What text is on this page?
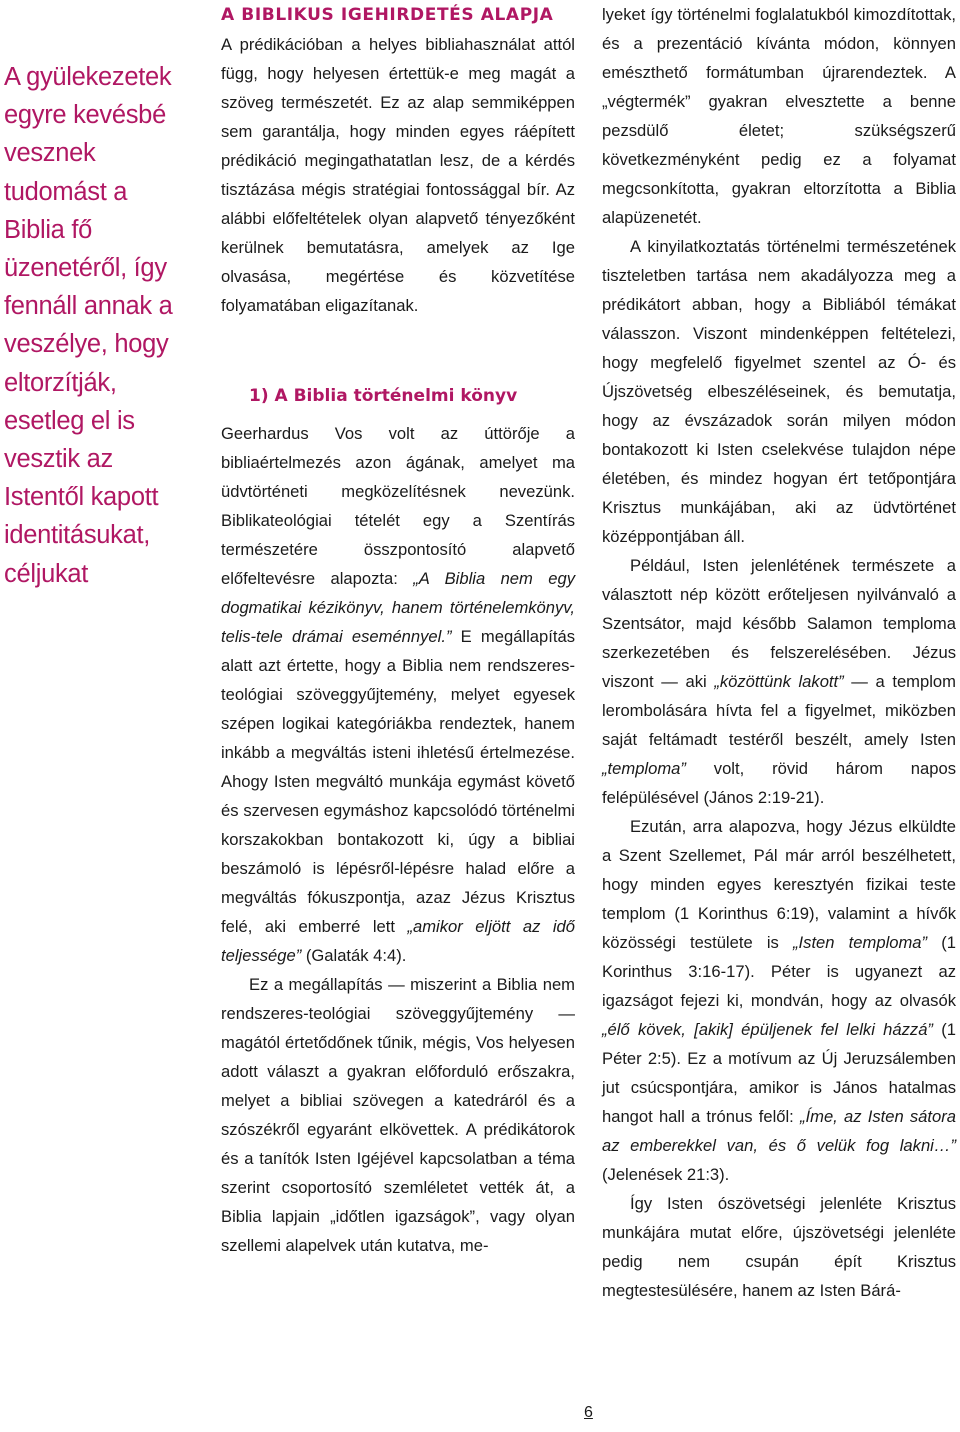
A gyülekezetek egyre kevésbé vesznek tudomást a Biblia fő üzenetéről, így fennáll annak a veszélye, hogy eltorzítják, esetleg el is vesztik az Istentől kapott identitásukat, céljukat
A BIBLIKUS IGEHIRDETÉS ALAPJA

A prédikációban a helyes bibliahasználat attól függ, hogy helyesen értettük-e meg magát a szöveg természetét. Ez az alap semmiképpen sem garantálja, hogy minden egyes ráépített prédikáció megingathatatlan lesz, de a kérdés tisztázása mégis stratégiai fontossággal bír. Az alábbi előfeltételek olyan alapvető tényezőként kerülnek bemutatásra, amelyek az Ige olvasása, megértése és közvetítése folyamatában eligazítanak.

1) A Biblia történelmi könyv

Geerhardus Vos volt az úttörője a bibliaértelmezés azon ágának, amelyet ma üdvtörténeti megközelítésnek nevezünk. Biblikateológiai tételét egy a Szentírás természetére összpontosító alapvető előfeltevésre alapozta: „A Biblia nem egy dogmatikai kézikönyv, hanem történelemkönyv, telis-tele drámai eseménnyel.” E megállapítás alatt azt értette, hogy a Biblia nem rendszeres-teológiai szöveggyűjtemény, melyet egyesek szépen logikai kategóriákba rendeztek, hanem inkább a megváltás isteni ihletésű értelmezése. Ahogy Isten megváltó munkája egymást követő és szervesen egymáshoz kapcsolódó történelmi korszakokban bontakozott ki, úgy a bibliai beszámoló is lépésről-lépésre halad előre a megváltás fókuszpontja, azaz Jézus Krisztus felé, aki emberré lett „amikor eljött az idő teljessége” (Galaták 4:4).

Ez a megállapítás — miszerint a Biblia nem rendszeres-teológiai szöveggyűjtemény — magától értetődőnek tűnik, mégis, Vos helyesen adott választ a gyakran előforduló erőszakra, melyet a bibliai szövegen a katedráról és a szószékről egyaránt elkövettek. A prédikátorok és a tanítók Isten Igéjével kapcsolatban a téma szerint csoportosító szemléletet vették át, a Biblia lapjain „időtlen igazságok”, vagy olyan szellemi alapelvek után kutatva, me-

lyeket így történelmi foglalatukból kimozdítottak, és a prezentáció kívánta módon, könnyen emészthető formátumban újrarendeztek. A „végtermék” gyakran elvesztette a benne pezsdülő életet; szükségszerű következményként pedig ez a folyamat megcsonkította, gyakran eltorzította a Biblia alapüzenetét.

A kinyilatkoztatás történelmi természetének tiszteletben tartása nem akadályozza meg a prédikátort abban, hogy a Bibliából témákat válasszon. Viszont mindenképpen feltételezi, hogy megfelelő figyelmet szentel az Ó- és Újszövetség elbeszéléseinek, és bemutatja, hogy az évszázadok során milyen módon bontakozott ki Isten cselekvése tulajdon népe életében, és mindez hogyan ért tetőpontjára Krisztus munkájában, aki az üdvtörténet középpontjában áll.

Például, Isten jelenlétének természete a választott nép között erőteljesen nyilvánvaló a Szentsátor, majd később Salamon temploma szerkezetében és felszerelésében. Jézus viszont — aki „közöttünk lakott” — a templom lerombolására hívta fel a figyelmet, miközben saját feltámadt testéről beszélt, amely Isten „temploma” volt, rövid három napos felépülésével (János 2:19-21).

Ezután, arra alapozva, hogy Jézus elküldte a Szent Szellemet, Pál már arról beszélhetett, hogy minden egyes keresztyén fizikai teste templom (1 Korinthus 6:19), valamint a hívők közösségi testülete is „Isten temploma” (1 Korinthus 3:16-17). Péter is ugyanezt az igazságot fejezi ki, mondván, hogy az olvasók „élő kövek, [akik] épüljenek fel lelki házzá” (1 Péter 2:5). Ez a motívum az Új Jeruzsálemben jut csúcspontjára, amikor is János hatalmas hangot hall a trónus felől: „Íme, az Isten sátora az emberekkel van, és ő velük fog lakni…” (Jelenések 21:3).

Így Isten ószövetségi jelenléte Krisztus munkájára mutat előre, újszövetségi jelenléte pedig nem csupán épít Krisztus megtestesülésére, hanem az Isten Bárá-

6
